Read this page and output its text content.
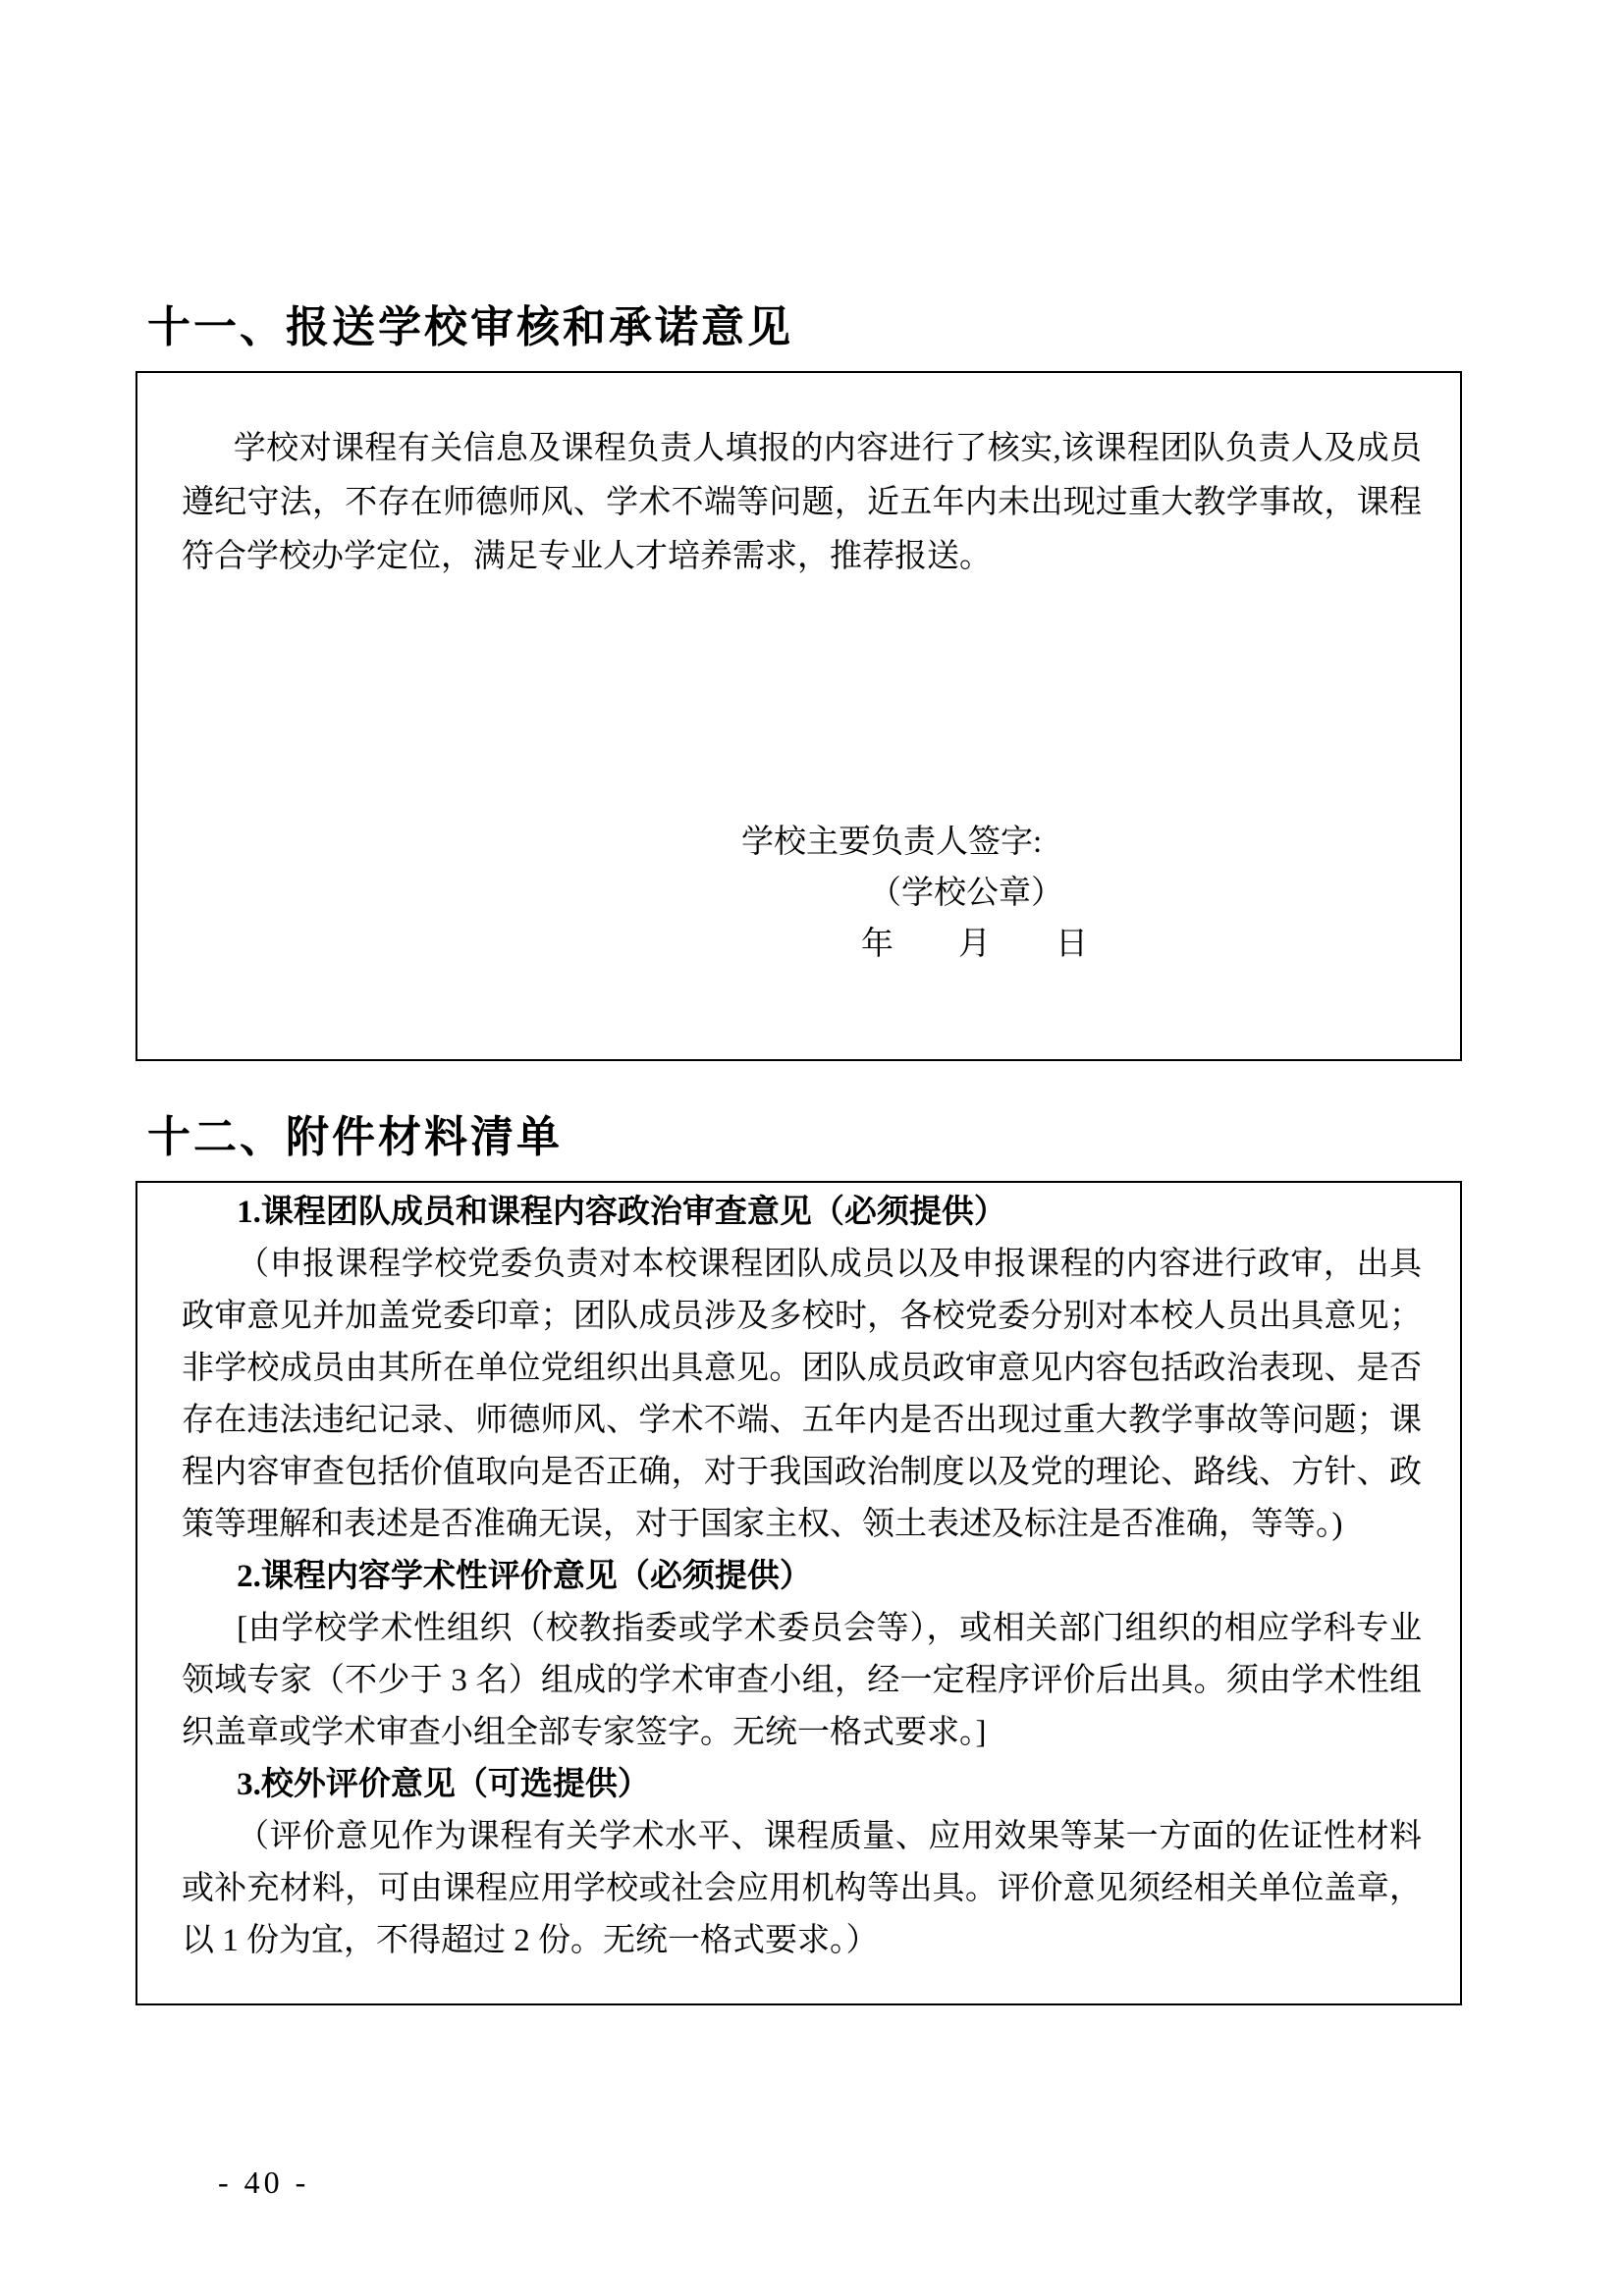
十一、报送学校审核和承诺意见

学校对课程有关信息及课程负责人填报的内容进行了核实,该课程团队负责人及成员遵纪守法，不存在师德师风、学术不端等问题，近五年内未出现过重大教学事故，课程符合学校办学定位，满足专业人才培养需求，推荐报送。

学校主要负责人签字:
（学校公章）
年　　月　　日
十二、附件材料清单

1.课程团队成员和课程内容政治审查意见（必须提供）

（申报课程学校党委负责对本校课程团队成员以及申报课程的内容进行政审，出具政审意见并加盖党委印章；团队成员涉及多校时，各校党委分别对本校人员出具意见；非学校成员由其所在单位党组织出具意见。团队成员政审意见内容包括政治表现、是否存在违法违纪记录、师德师风、学术不端、五年内是否出现过重大教学事故等问题；课程内容审查包括价值取向是否正确，对于我国政治制度以及党的理论、路线、方针、政策等理解和表述是否准确无误，对于国家主权、领土表述及标注是否准确，等等。)

2.课程内容学术性评价意见（必须提供）

[由学校学术性组织（校教指委或学术委员会等），或相关部门组织的相应学科专业领域专家（不少于 3 名）组成的学术审查小组，经一定程序评价后出具。须由学术性组织盖章或学术审查小组全部专家签字。无统一格式要求。]

3.校外评价意见（可选提供）

（评价意见作为课程有关学术水平、课程质量、应用效果等某一方面的佐证性材料或补充材料，可由课程应用学校或社会应用机构等出具。评价意见须经相关单位盖章，以 1 份为宜，不得超过 2 份。无统一格式要求。）

- 40 -
